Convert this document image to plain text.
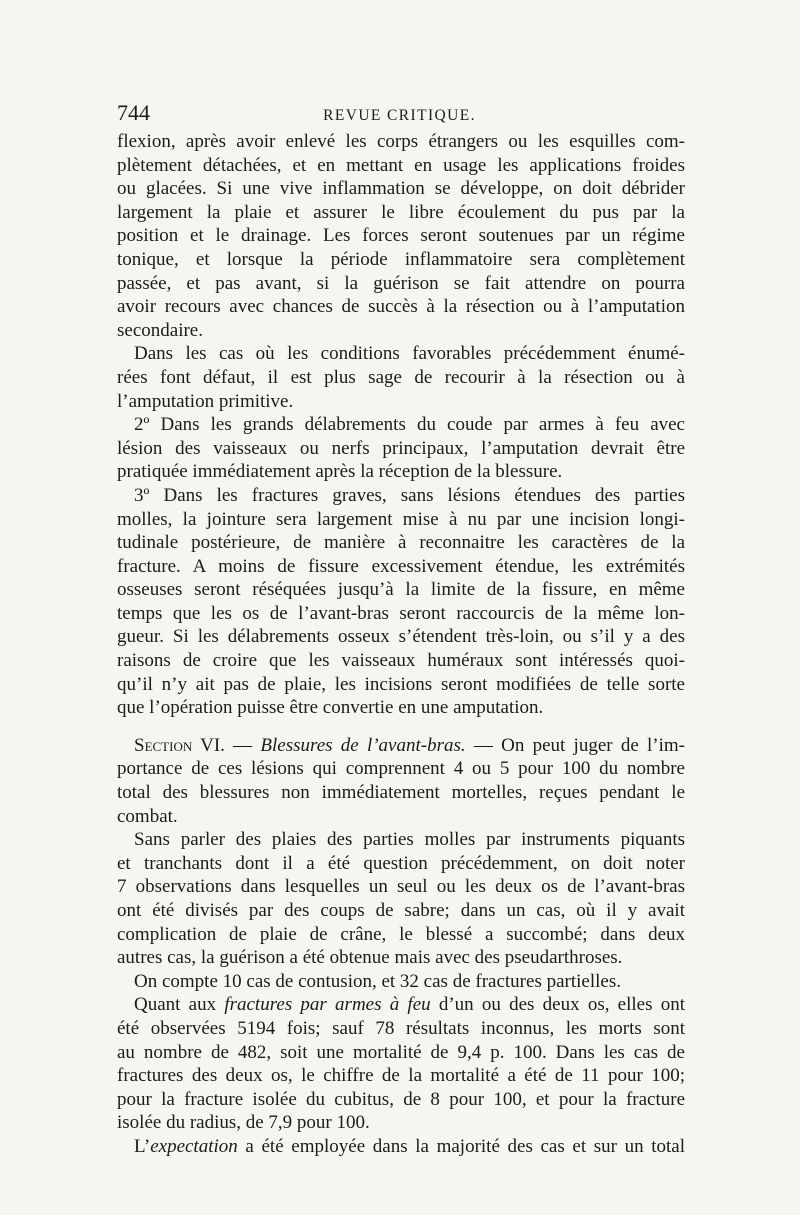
744	REVUE CRITIQUE.
flexion, après avoir enlevé les corps étrangers ou les esquilles com-
plètement détachées, et en mettant en usage les applications froides
ou glacées. Si une vive inflammation se développe, on doit débrider
largement la plaie et assurer le libre écoulement du pus par la
position et le drainage. Les forces seront soutenues par un régime
tonique, et lorsque la période inflammatoire sera complètement
passée, et pas avant, si la guérison se fait attendre on pourra
avoir recours avec chances de succès à la résection ou à l’amputation
secondaire.
Dans les cas où les conditions favorables précédemment énumé-
rées font défaut, il est plus sage de recourir à la résection ou à
l’amputation primitive.
2º Dans les grands délabrements du coude par armes à feu avec
lésion des vaisseaux ou nerfs principaux, l’amputation devrait être
pratiquée immédiatement après la réception de la blessure.
3º Dans les fractures graves, sans lésions étendues des parties
molles, la jointure sera largement mise à nu par une incision longi-
tudinale postérieure, de manière à reconnaitre les caractères de la
fracture. A moins de fissure excessivement étendue, les extrémités
osseuses seront réséquées jusqu’à la limite de la fissure, en même
temps que les os de l’avant-bras seront raccourcis de la même lon-
gueur. Si les délabrements osseux s’étendent très-loin, ou s’il y a des
raisons de croire que les vaisseaux huméraux sont intéressés quoi-
qu’il n’y ait pas de plaie, les incisions seront modifiées de telle sorte
que l’opération puisse être convertie en une amputation.
Section VI. — Blessures de l’avant-bras. — On peut juger de l’im-
portance de ces lésions qui comprennent 4 ou 5 pour 100 du nombre
total des blessures non immédiatement mortelles, reçues pendant le
combat.
Sans parler des plaies des parties molles par instruments piquants
et tranchants dont il a été question précédemment, on doit noter
7 observations dans lesquelles un seul ou les deux os de l’avant-bras
ont été divisés par des coups de sabre; dans un cas, où il y avait
complication de plaie de crâne, le blessé a succombé; dans deux
autres cas, la guérison a été obtenue mais avec des pseudarthroses.
On compte 10 cas de contusion, et 32 cas de fractures partielles.
Quant aux fractures par armes à feu d’un ou des deux os, elles ont
été observées 5194 fois; sauf 78 résultats inconnus, les morts sont
au nombre de 482, soit une mortalité de 9,4 p. 100. Dans les cas de
fractures des deux os, le chiffre de la mortalité a été de 11 pour 100;
pour la fracture isolée du cubitus, de 8 pour 100, et pour la fracture
isolée du radius, de 7,9 pour 100.
L’expectation a été employée dans la majorité des cas et sur un total
